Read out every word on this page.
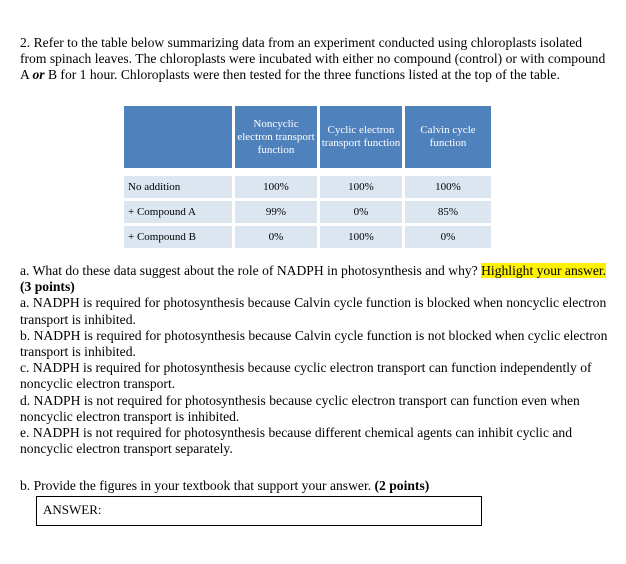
2. Refer to the table below summarizing data from an experiment conducted using chloroplasts isolated from spinach leaves. The chloroplasts were incubated with either no compound (control) or with compound A or B for 1 hour. Chloroplasts were then tested for the three functions listed at the top of the table.
	Noncyclic electron transport function	Cyclic electron transport function	Calvin cycle function

No addition	100%	100%	100%
+ Compound A	99%	0%	85%
+ Compound B	0%	100%	0%
a. What do these data suggest about the role of NADPH in photosynthesis and why? Highlight your answer. (3 points)
a. NADPH is required for photosynthesis because Calvin cycle function is blocked when noncyclic electron transport is inhibited.
b. NADPH is required for photosynthesis because Calvin cycle function is not blocked when cyclic electron transport is inhibited.
c. NADPH is required for photosynthesis because cyclic electron transport can function independently of noncyclic electron transport.
d. NADPH is not required for photosynthesis because cyclic electron transport can function even when noncyclic electron transport is inhibited.
e. NADPH is not required for photosynthesis because different chemical agents can inhibit cyclic and noncyclic electron transport separately.
b. Provide the figures in your textbook that support your answer. (2 points)
ANSWER:
